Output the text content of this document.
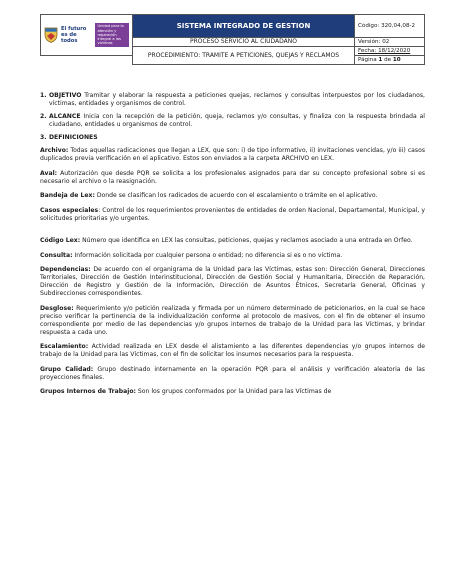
El futuro
es de todos
Unidad para la atención y reparación integral a las víctimas	SISTEMA INTEGRADO DE GESTION	Código: 320,04,08-2
	PROCESO SERVICIO AL CIUDADANO	Versión: 02
	PROCEDIMIENTO: TRAMITE A PETICIONES, QUEJAS Y RECLAMOS	Fecha: 18/12/2020
		Página 1 de 10
1. OBJETIVO Tramitar y elaborar la respuesta a peticiones quejas, reclamos y consultas interpuestos por los ciudadanos, víctimas, entidades y organismos de control.
2. ALCANCE Inicia con la recepción de la petición, queja, reclamos y/o consultas, y finaliza con la respuesta brindada al ciudadano, entidades u organismos de control.
3. DEFINICIONES

Archivo: Todas aquellas radicaciones que llegan a LEX, que son: i) de tipo informativo, ii) invitaciones vencidas, y/o iii) casos duplicados previa verificación en el aplicativo. Estos son enviados a la carpeta ARCHIVO en LEX.

Aval: Autorización que desde PQR se solicita a los profesionales asignados para dar su concepto profesional sobre si es necesario el archivo o la reasignación.

Bandeja de Lex: Donde se clasifican los radicados de acuerdo con el escalamiento o trámite en el aplicativo.

Casos especiales: Control de los requerimientos provenientes de entidades de orden Nacional, Departamental, Municipal, y solicitudes prioritarias y/o urgentes.

Código Lex: Número que identifica en LEX las consultas, peticiones, quejas y reclamos asociado a una entrada en Orfeo.

Consulta: Información solicitada por cualquier persona o entidad; no diferencia si es o no víctima.

Dependencias: De acuerdo con el organigrama de la Unidad para las Víctimas, estas son: Dirección General, Direcciones Territoriales, Dirección de Gestión Interinstitucional, Dirección de Gestión Social y Humanitaria, Dirección de Reparación, Dirección de Registro y Gestión de la Información, Dirección de Asuntos Étnicos, Secretaría General, Oficinas y Subdirecciones correspondientes.

Desglose: Requerimiento y/o petición realizada y firmada por un número determinado de peticionarios, en la cual se hace preciso verificar la pertinencia de la individualización conforme al protocolo de masivos, con el fin de obtener el insumo correspondiente por medio de las dependencias y/o grupos internos de trabajo de la Unidad para las Víctimas, y brindar respuesta a cada uno.

Escalamiento: Actividad realizada en LEX desde el alistamiento a las diferentes dependencias y/o grupos internos de trabajo de la Unidad para las Víctimas, con el fin de solicitar los insumos necesarios para la respuesta.

Grupo Calidad: Grupo destinado internamente en la operación PQR para el análisis y verificación aleatoria de las proyecciones finales.

Grupos Internos de Trabajo: Son los grupos conformados por la Unidad para las Víctimas de
